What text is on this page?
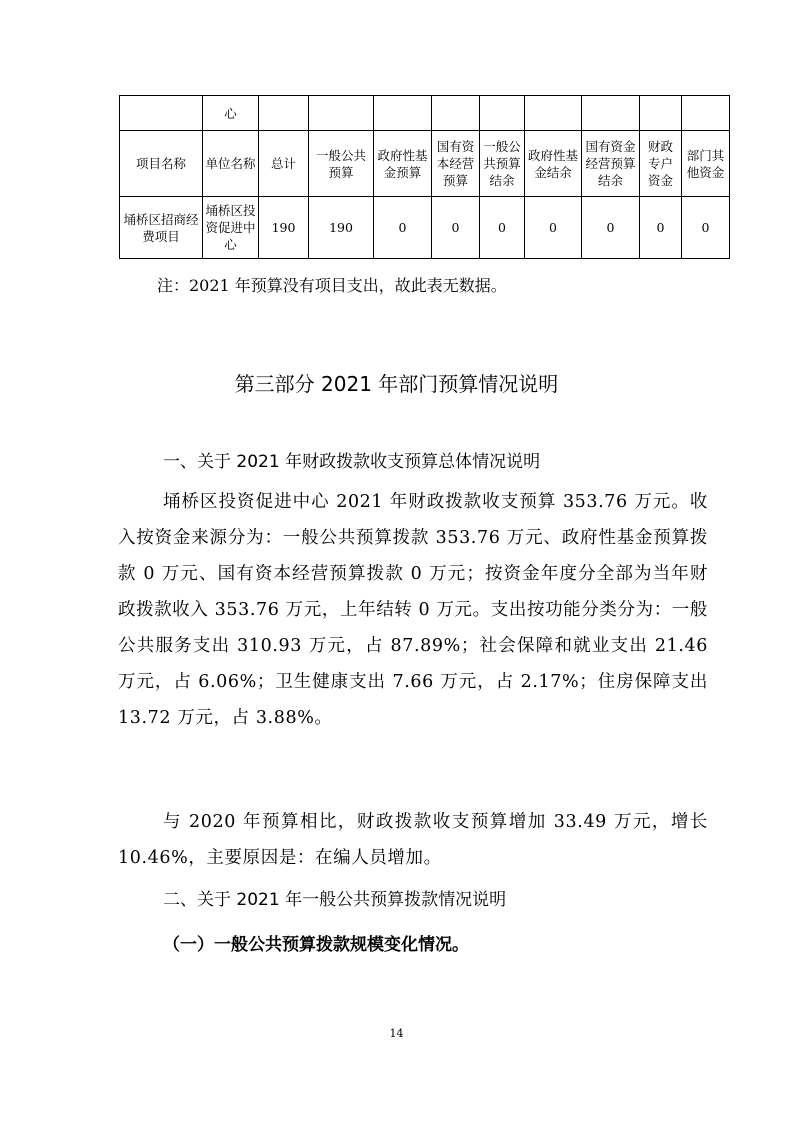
	心									
项目名称	单位名称	总计	一般公共预算	政府性基金预算	国有资本经营预算	一般公共预算结余	政府性基金结余	国有资金经营预算结余	财政专户资金	部门其他资金
埇桥区招商经费项目	埇桥区投资促进中心	190	190	0	0	0	0	0	0	0
注：2021 年预算没有项目支出，故此表无数据。
第三部分 2021 年部门预算情况说明
一、关于 2021 年财政拨款收支预算总体情况说明

埇桥区投资促进中心 2021 年财政拨款收支预算 353.76 万元。收入按资金来源分为：一般公共预算拨款 353.76 万元、政府性基金预算拨款 0 万元、国有资本经营预算拨款 0 万元；按资金年度分全部为当年财政拨款收入 353.76 万元，上年结转 0 万元。支出按功能分类分为：一般公共服务支出 310.93 万元，占 87.89%；社会保障和就业支出 21.46 万元，占 6.06%；卫生健康支出 7.66 万元，占 2.17%；住房保障支出 13.72 万元，占 3.88%。

与 2020 年预算相比，财政拨款收支预算增加 33.49 万元，增长 10.46%，主要原因是：在编人员增加。

二、关于 2021 年一般公共预算拨款情况说明
（一）一般公共预算拨款规模变化情况。
14
